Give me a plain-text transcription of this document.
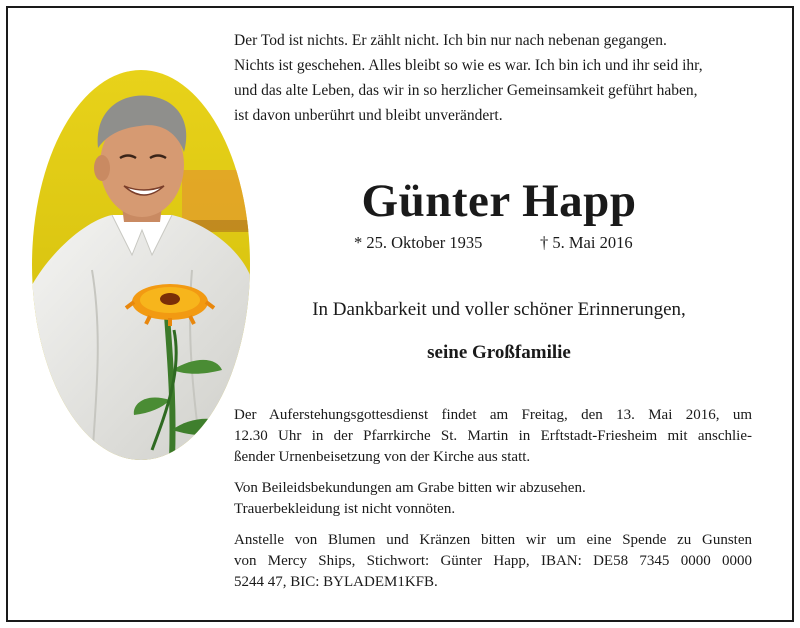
Der Tod ist nichts. Er zählt nicht. Ich bin nur nach nebenan gegangen.
Nichts ist geschehen. Alles bleibt so wie es war. Ich bin ich und ihr seid ihr,
und das alte Leben, das wir in so herzlicher Gemeinsamkeit geführt haben,
ist davon unberührt und bleibt unverändert.
Günter Happ
* 25. Oktober 1935	† 5. Mai 2016
In Dankbarkeit und voller schöner Erinnerungen,
seine Großfamilie
Der Auferstehungsgottesdienst findet am Freitag, den 13. Mai 2016, um
12.30 Uhr in der Pfarrkirche St. Martin in Erftstadt-Friesheim mit anschlie-
ßender Urnenbeisetzung von der Kirche aus statt.
Von Beileidsbekundungen am Grabe bitten wir abzusehen.
Trauerbekleidung ist nicht vonnöten.
Anstelle von Blumen und Kränzen bitten wir um eine Spende zu Gunsten
von Mercy Ships, Stichwort: Günter Happ, IBAN: DE58 7345 0000 0000
5244 47, BIC: BYLADEM1KFB.
